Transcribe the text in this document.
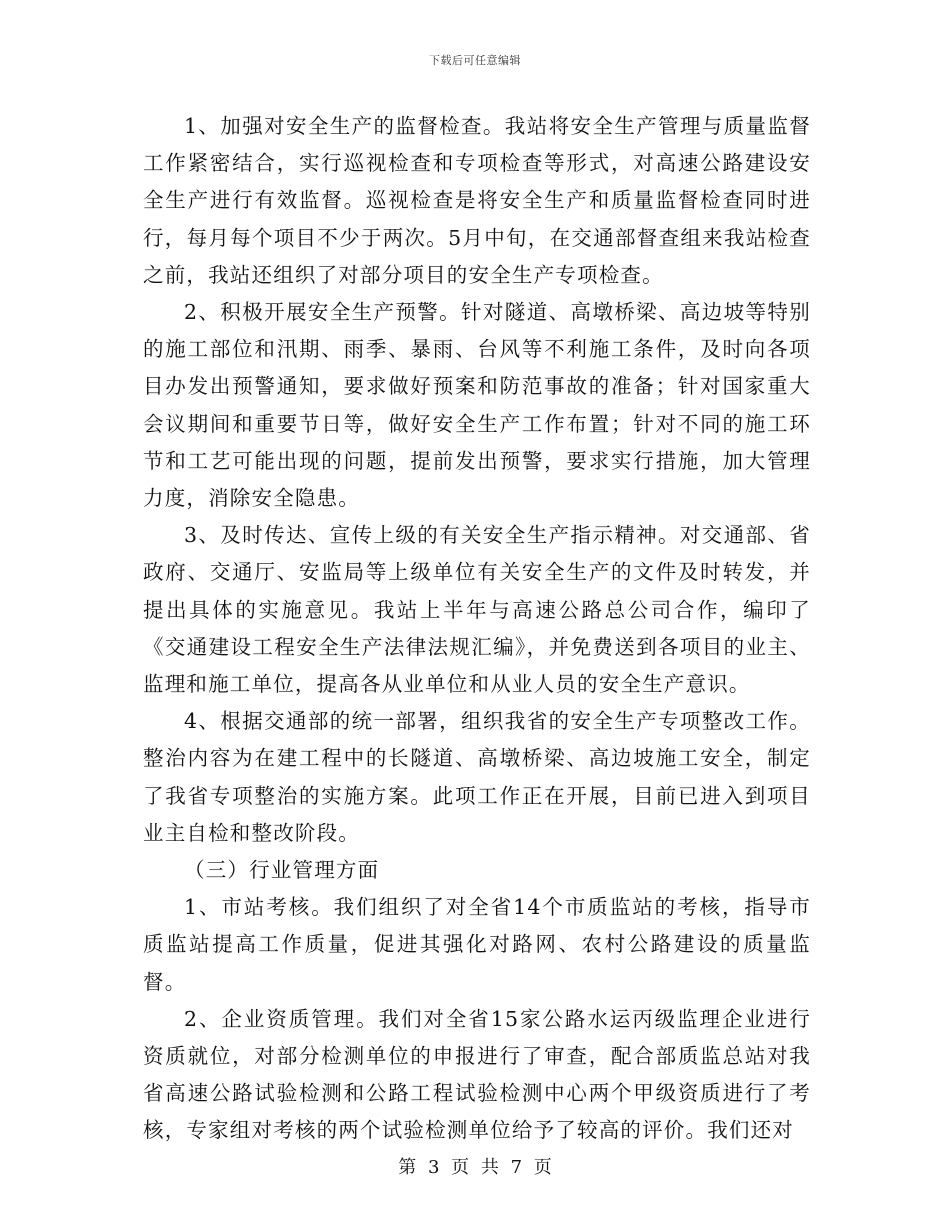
下载后可任意编辑

1、加强对安全生产的监督检查。我站将安全生产管理与质量监督工作紧密结合，实行巡视检查和专项检查等形式，对高速公路建设安全生产进行有效监督。巡视检查是将安全生产和质量监督检查同时进行，每月每个项目不少于两次。5月中旬，在交通部督查组来我站检查之前，我站还组织了对部分项目的安全生产专项检查。

2、积极开展安全生产预警。针对隧道、高墩桥梁、高边坡等特别的施工部位和汛期、雨季、暴雨、台风等不利施工条件，及时向各项目办发出预警通知，要求做好预案和防范事故的准备；针对国家重大会议期间和重要节日等，做好安全生产工作布置；针对不同的施工环节和工艺可能出现的问题，提前发出预警，要求实行措施，加大管理力度，消除安全隐患。

3、及时传达、宣传上级的有关安全生产指示精神。对交通部、省政府、交通厅、安监局等上级单位有关安全生产的文件及时转发，并提出具体的实施意见。我站上半年与高速公路总公司合作，编印了《交通建设工程安全生产法律法规汇编》，并免费送到各项目的业主、监理和施工单位，提高各从业单位和从业人员的安全生产意识。

4、根据交通部的统一部署，组织我省的安全生产专项整改工作。整治内容为在建工程中的长隧道、高墩桥梁、高边坡施工安全，制定了我省专项整治的实施方案。此项工作正在开展，目前已进入到项目业主自检和整改阶段。

（三）行业管理方面

1、市站考核。我们组织了对全省14个市质监站的考核，指导市质监站提高工作质量，促进其强化对路网、农村公路建设的质量监督。

2、企业资质管理。我们对全省15家公路水运丙级监理企业进行资质就位，对部分检测单位的申报进行了审查，配合部质监总站对我省高速公路试验检测和公路工程试验检测中心两个甲级资质进行了考核，专家组对考核的两个试验检测单位给予了较高的评价。我们还对

第 3 页 共 7 页
